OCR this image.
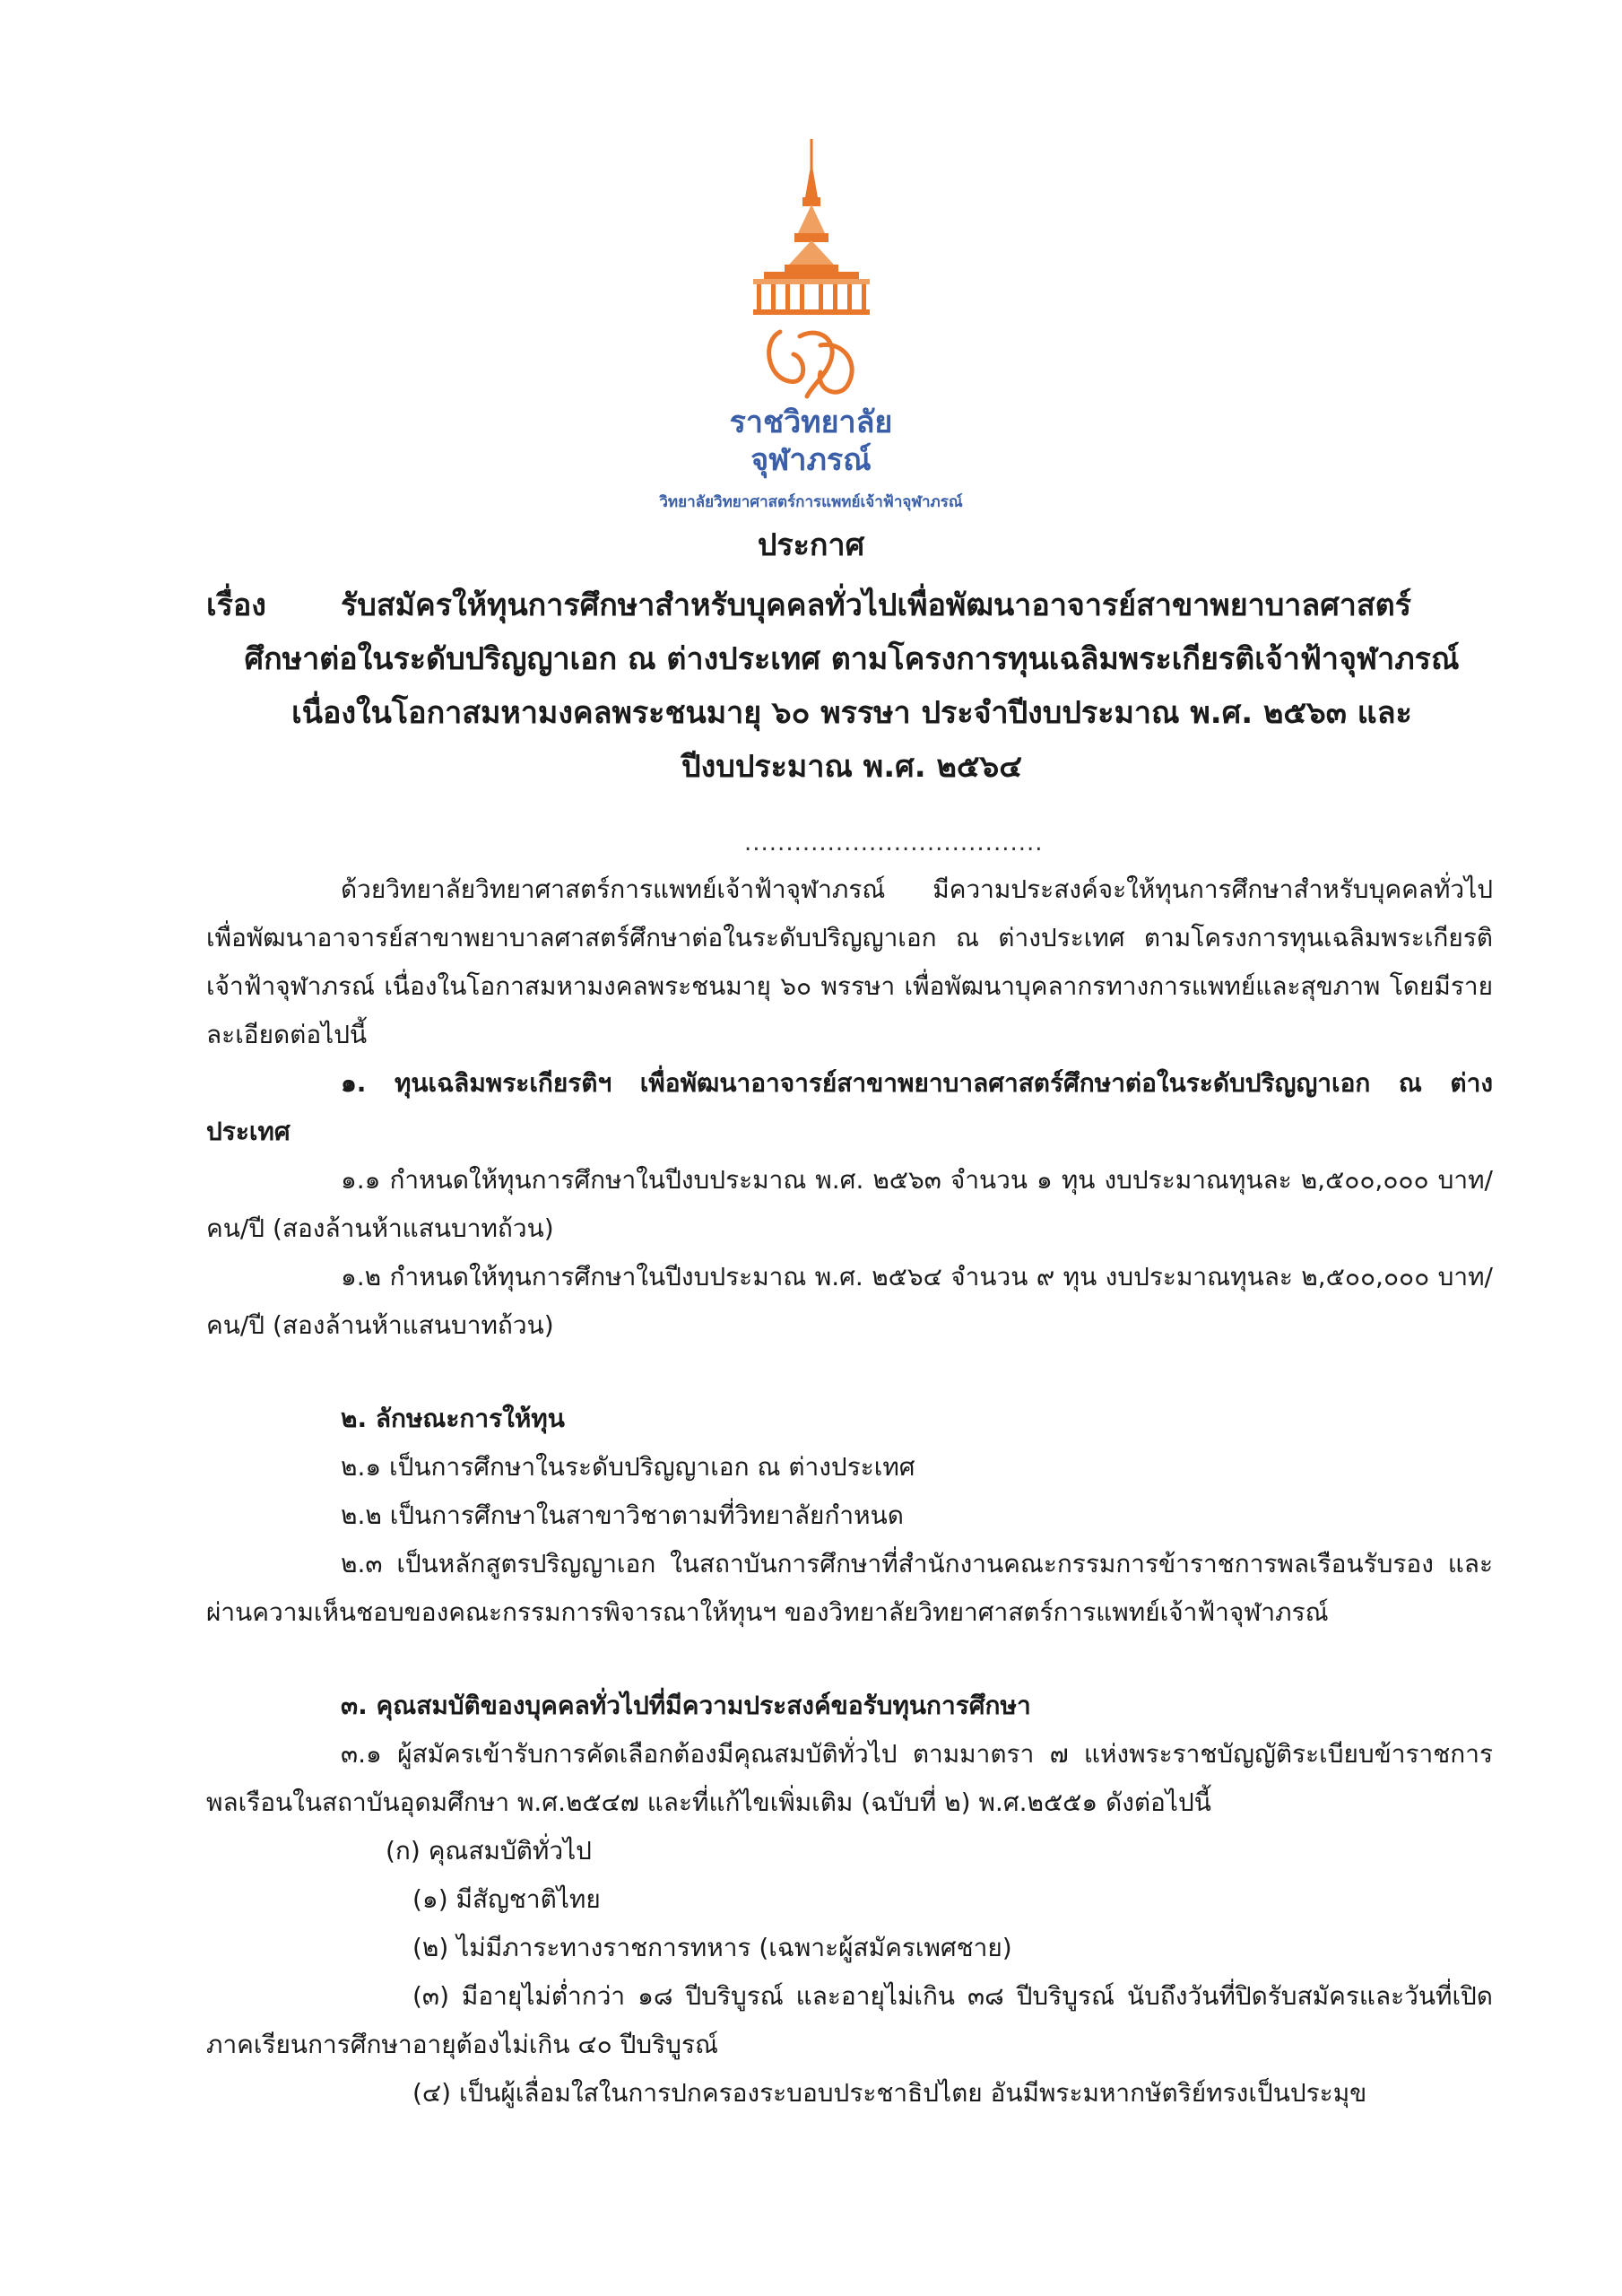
ราชวิทยาลัย
จุฬาภรณ์
วิทยาลัยวิทยาศาสตร์การแพทย์เจ้าฟ้าจุฬาภรณ์
ประกาศ
เรื่อง รับสมัครให้ทุนการศึกษาสำหรับบุคคลทั่วไปเพื่อพัฒนาอาจารย์สาขาพยาบาลศาสตร์
ศึกษาต่อในระดับปริญญาเอก ณ ต่างประเทศ ตามโครงการทุนเฉลิมพระเกียรติเจ้าฟ้าจุฬาภรณ์
เนื่องในโอกาสมหามงคลพระชนมายุ ๖๐ พรรษา ประจำปีงบประมาณ พ.ศ. ๒๕๖๓ และ
ปีงบประมาณ พ.ศ. ๒๕๖๔
....................................

ด้วยวิทยาลัยวิทยาศาสตร์การแพทย์เจ้าฟ้าจุฬาภรณ์ มีความประสงค์จะให้ทุนการศึกษาสำหรับบุคคลทั่วไปเพื่อพัฒนาอาจารย์สาขาพยาบาลศาสตร์ศึกษาต่อในระดับปริญญาเอก ณ ต่างประเทศ ตามโครงการทุนเฉลิมพระเกียรติเจ้าฟ้าจุฬาภรณ์ เนื่องในโอกาสมหามงคลพระชนมายุ ๖๐ พรรษา เพื่อพัฒนาบุคลากรทางการแพทย์และสุขภาพ โดยมีรายละเอียดต่อไปนี้

๑. ทุนเฉลิมพระเกียรติฯ เพื่อพัฒนาอาจารย์สาขาพยาบาลศาสตร์ศึกษาต่อในระดับปริญญาเอก ณ ต่างประเทศ

๑.๑ กำหนดให้ทุนการศึกษาในปีงบประมาณ พ.ศ. ๒๕๖๓ จำนวน ๑ ทุน งบประมาณทุนละ ๒,๕๐๐,๐๐๐ บาท/คน/ปี (สองล้านห้าแสนบาทถ้วน)

๑.๒ กำหนดให้ทุนการศึกษาในปีงบประมาณ พ.ศ. ๒๕๖๔ จำนวน ๙ ทุน งบประมาณทุนละ ๒,๕๐๐,๐๐๐ บาท/คน/ปี (สองล้านห้าแสนบาทถ้วน)

๒. ลักษณะการให้ทุน

๒.๑ เป็นการศึกษาในระดับปริญญาเอก ณ ต่างประเทศ

๒.๒ เป็นการศึกษาในสาขาวิชาตามที่วิทยาลัยกำหนด

๒.๓ เป็นหลักสูตรปริญญาเอก ในสถาบันการศึกษาที่สำนักงานคณะกรรมการข้าราชการพลเรือนรับรอง และผ่านความเห็นชอบของคณะกรรมการพิจารณาให้ทุนฯ ของวิทยาลัยวิทยาศาสตร์การแพทย์เจ้าฟ้าจุฬาภรณ์

๓. คุณสมบัติของบุคคลทั่วไปที่มีความประสงค์ขอรับทุนการศึกษา

๓.๑ ผู้สมัครเข้ารับการคัดเลือกต้องมีคุณสมบัติทั่วไป ตามมาตรา ๗ แห่งพระราชบัญญัติระเบียบข้าราชการพลเรือนในสถาบันอุดมศึกษา พ.ศ.๒๕๔๗ และที่แก้ไขเพิ่มเติม (ฉบับที่ ๒) พ.ศ.๒๕๕๑ ดังต่อไปนี้

(ก) คุณสมบัติทั่วไป

(๑) มีสัญชาติไทย

(๒) ไม่มีภาระทางราชการทหาร (เฉพาะผู้สมัครเพศชาย)

(๓) มีอายุไม่ต่ำกว่า ๑๘ ปีบริบูรณ์ และอายุไม่เกิน ๓๘ ปีบริบูรณ์ นับถึงวันที่ปิดรับสมัครและวันที่เปิดภาคเรียนการศึกษาอายุต้องไม่เกิน ๔๐ ปีบริบูรณ์

(๔) เป็นผู้เลื่อมใสในการปกครองระบอบประชาธิปไตย อันมีพระมหากษัตริย์ทรงเป็นประมุข
